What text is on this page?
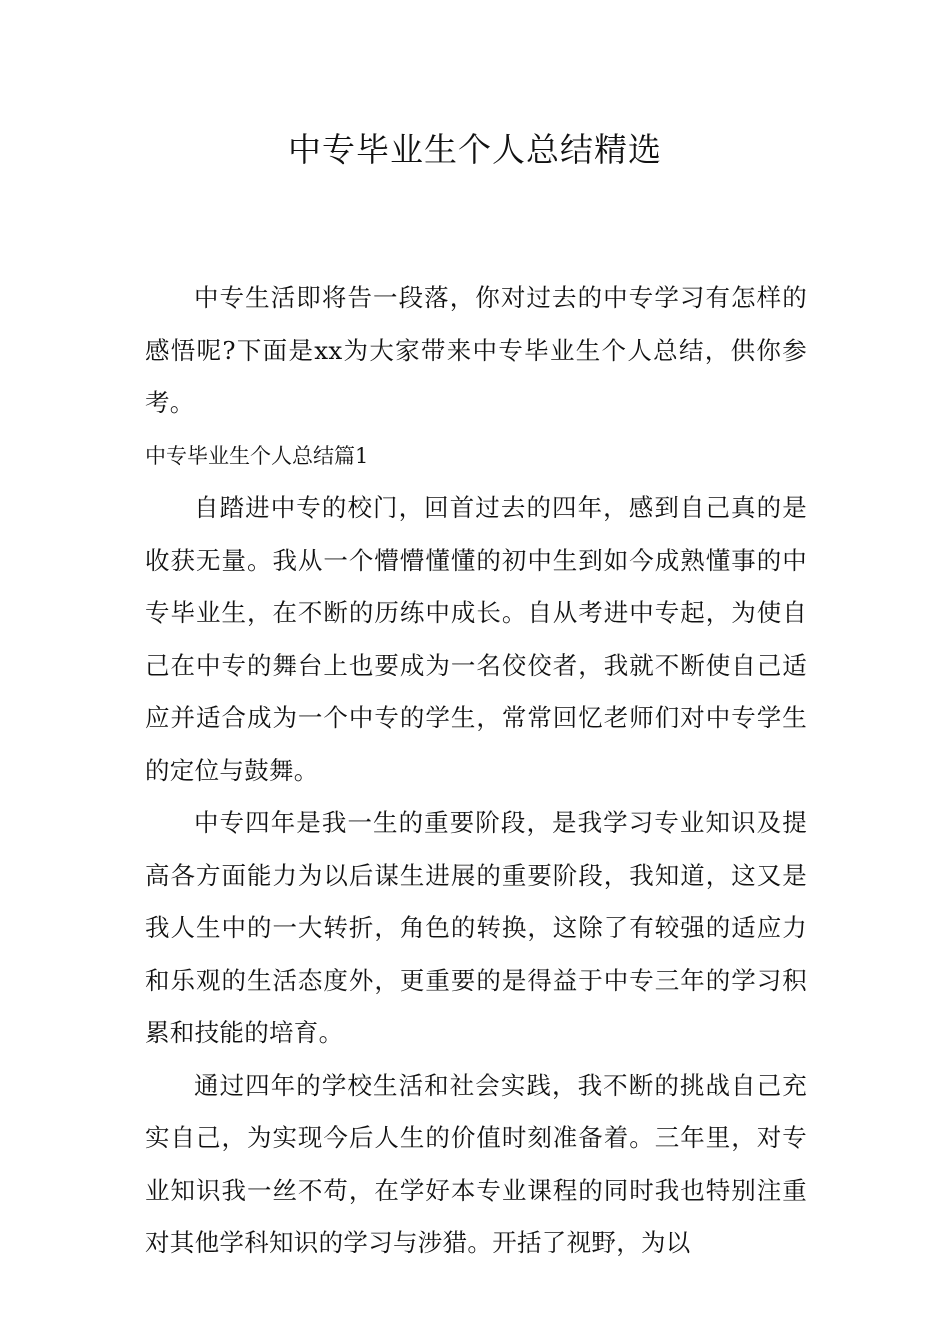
中专毕业生个人总结精选

中专生活即将告一段落，你对过去的中专学习有怎样的感悟呢?下面是xx为大家带来中专毕业生个人总结，供你参考。

中专毕业生个人总结篇1

自踏进中专的校门，回首过去的四年，感到自己真的是收获无量。我从一个懵懵懂懂的初中生到如今成熟懂事的中专毕业生，在不断的历练中成长。自从考进中专起，为使自己在中专的舞台上也要成为一名佼佼者，我就不断使自己适应并适合成为一个中专的学生，常常回忆老师们对中专学生的定位与鼓舞。

中专四年是我一生的重要阶段，是我学习专业知识及提高各方面能力为以后谋生进展的重要阶段，我知道，这又是我人生中的一大转折，角色的转换，这除了有较强的适应力和乐观的生活态度外，更重要的是得益于中专三年的学习积累和技能的培育。

通过四年的学校生活和社会实践，我不断的挑战自己充实自己，为实现今后人生的价值时刻准备着。三年里，对专业知识我一丝不苟，在学好本专业课程的同时我也特别注重对其他学科知识的学习与涉猎。开括了视野，为以
